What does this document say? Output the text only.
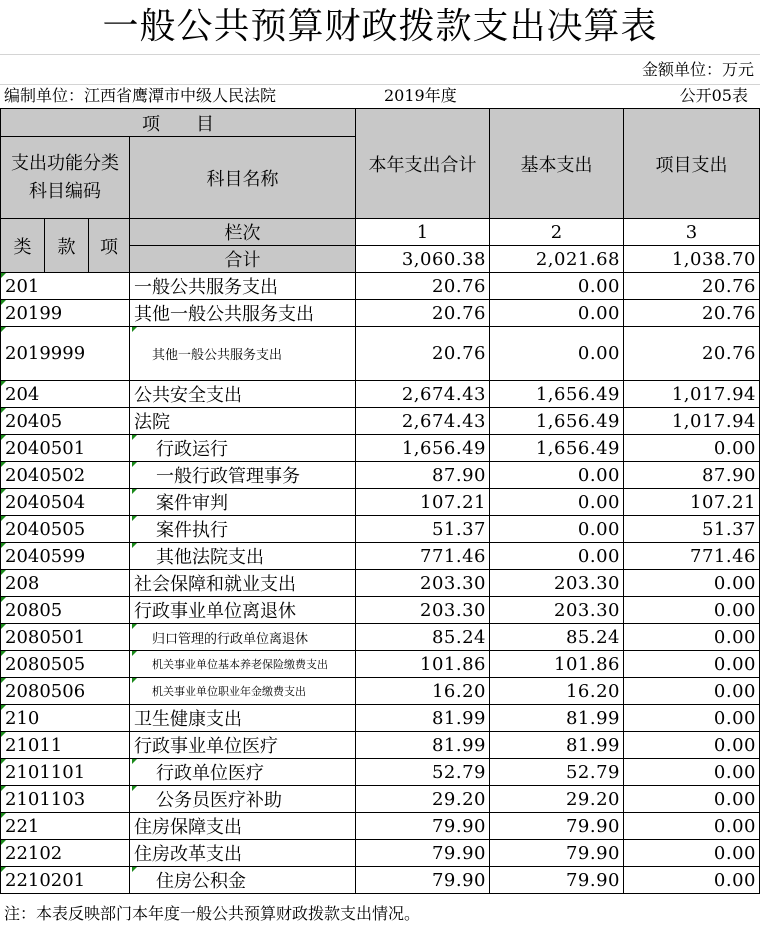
一般公共预算财政拨款支出决算表
金额单位：万元
编制单位：江西省鹰潭市中级人民法院	2019年度	公开05表
项　　目				本年支出合计	基本支出	项目支出
支出功能分类科目编码			科目名称			
类	款	项	栏次	1	2	3
			合计	3,060.38	2,021.68	1,038.70

201			一般公共服务支出	20.76	0.00	20.76

20199			其他一般公共服务支出	20.76	0.00	20.76

2019999			其他一般公共服务支出	20.76	0.00	20.76

204			公共安全支出	2,674.43	1,656.49	1,017.94

20405			法院	2,674.43	1,656.49	1,017.94

2040501			行政运行	1,656.49	1,656.49	0.00

2040502			一般行政管理事务	87.90	0.00	87.90

2040504			案件审判	107.21	0.00	107.21

2040505			案件执行	51.37	0.00	51.37

2040599			其他法院支出	771.46	0.00	771.46

208			社会保障和就业支出	203.30	203.30	0.00

20805			行政事业单位离退休	203.30	203.30	0.00

2080501			归口管理的行政单位离退休	85.24	85.24	0.00

2080505			机关事业单位基本养老保险缴费支出	101.86	101.86	0.00

2080506			机关事业单位职业年金缴费支出	16.20	16.20	0.00

210			卫生健康支出	81.99	81.99	0.00

21011			行政事业单位医疗	81.99	81.99	0.00

2101101			行政单位医疗	52.79	52.79	0.00

2101103			公务员医疗补助	29.20	29.20	0.00

221			住房保障支出	79.90	79.90	0.00

22102			住房改革支出	79.90	79.90	0.00

2210201			住房公积金	79.90	79.90	0.00
注：本表反映部门本年度一般公共预算财政拨款支出情况。
